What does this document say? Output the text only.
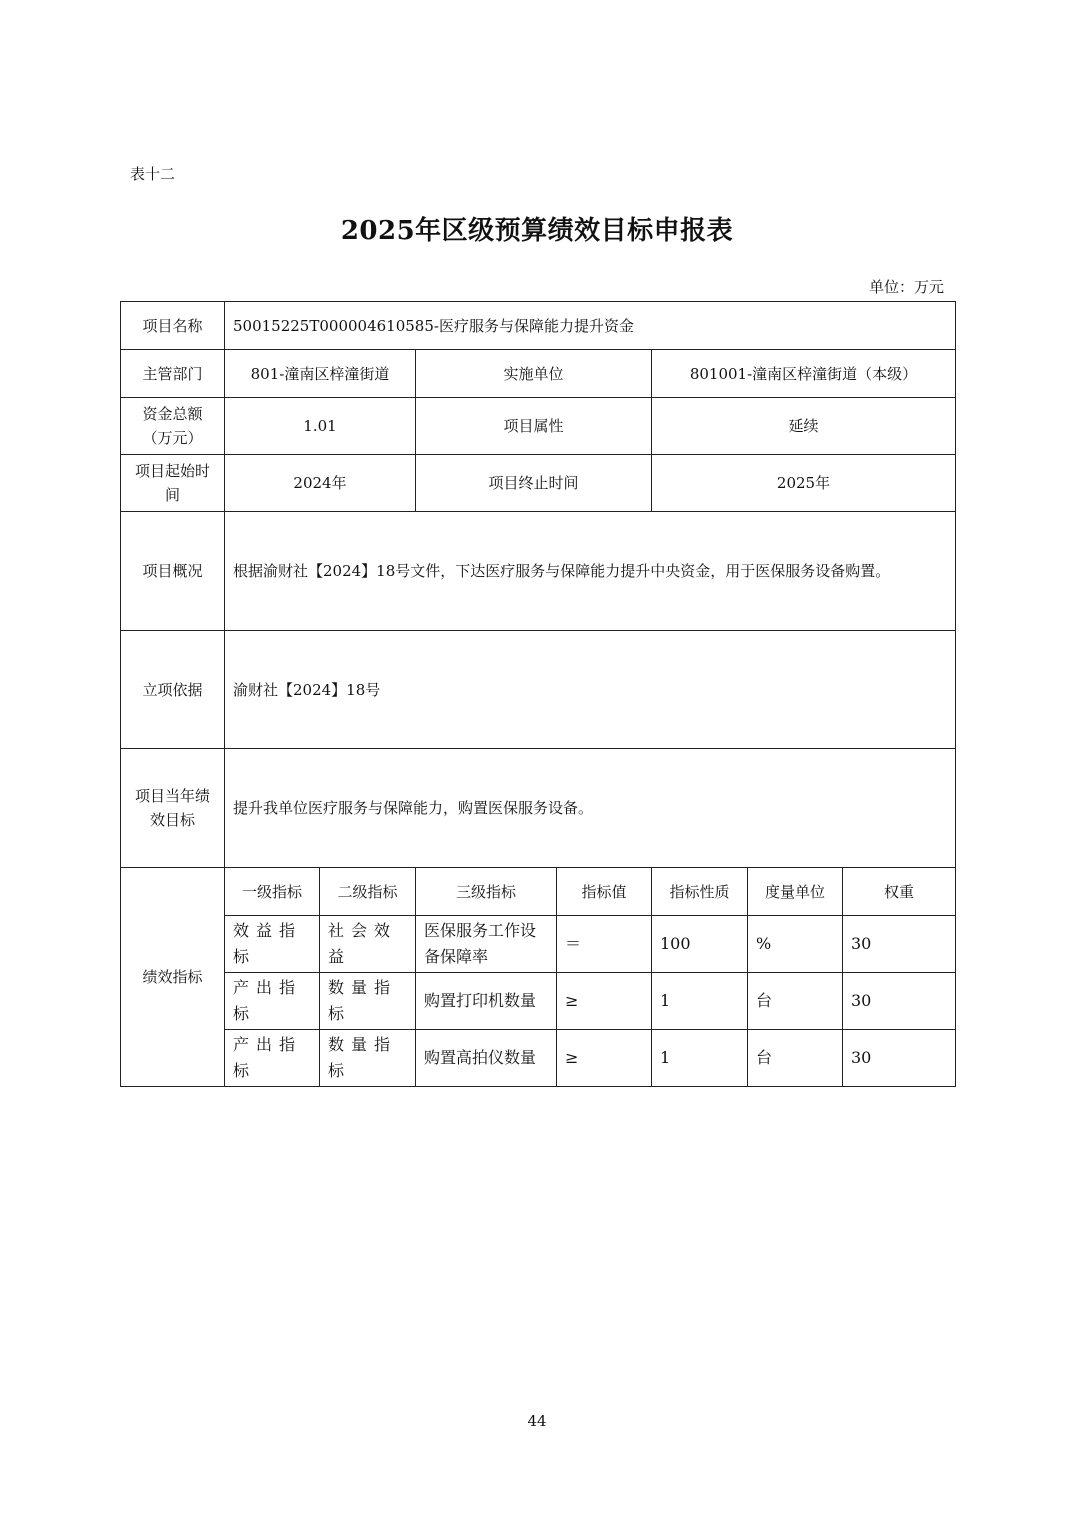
表十二
2025年区级预算绩效目标申报表
单位：万元
项目名称	50015225T000004610585-医疗服务与保障能力提升资金						
主管部门	801-潼南区梓潼街道		实施单位		801001-潼南区梓潼街道（本级）		
资金总额（万元）	1.01		项目属性		延续		
项目起始时间	2024年		项目终止时间		2025年		
项目概况	根据渝财社【2024】18号文件，下达医疗服务与保障能力提升中央资金，用于医保服务设备购置。						
立项依据	渝财社【2024】18号						
项目当年绩效目标	提升我单位医疗服务与保障能力，购置医保服务设备。						
绩效指标	一级指标	二级指标	三级指标	指标值	指标性质	度量单位	权重
	效益指标	社会效益	医保服务工作设备保障率	＝	100	%	30
	产出指标	数量指标	购置打印机数量	≥	1	台	30
	产出指标	数量指标	购置高拍仪数量	≥	1	台	30
44
